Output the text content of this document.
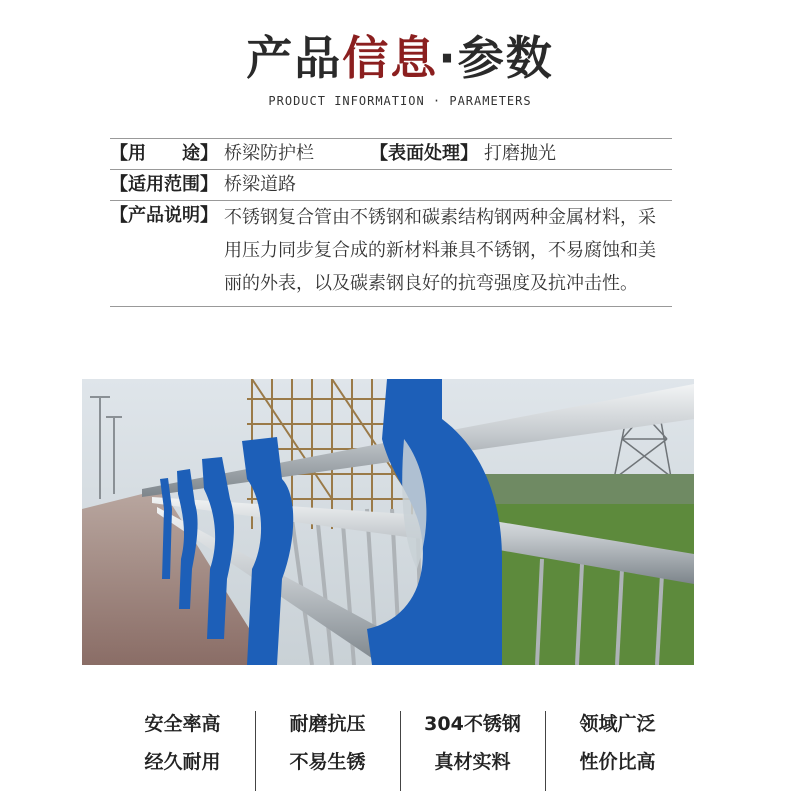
产品信息·参数
PRODUCT INFORMATION · PARAMETERS
【用　　途】 桥梁防护栏	【表面处理】 打磨抛光
【适用范围】 桥梁道路
【产品说明】 不锈钢复合管由不锈钢和碳素结构钢两种金属材料，采用压力同步复合成的新材料兼具不锈钢，不易腐蚀和美丽的外表，以及碳素钢良好的抗弯强度及抗冲击性。
安全率高
经久耐用
耐磨抗压
不易生锈
304不锈钢
真材实料
领域广泛
性价比高
